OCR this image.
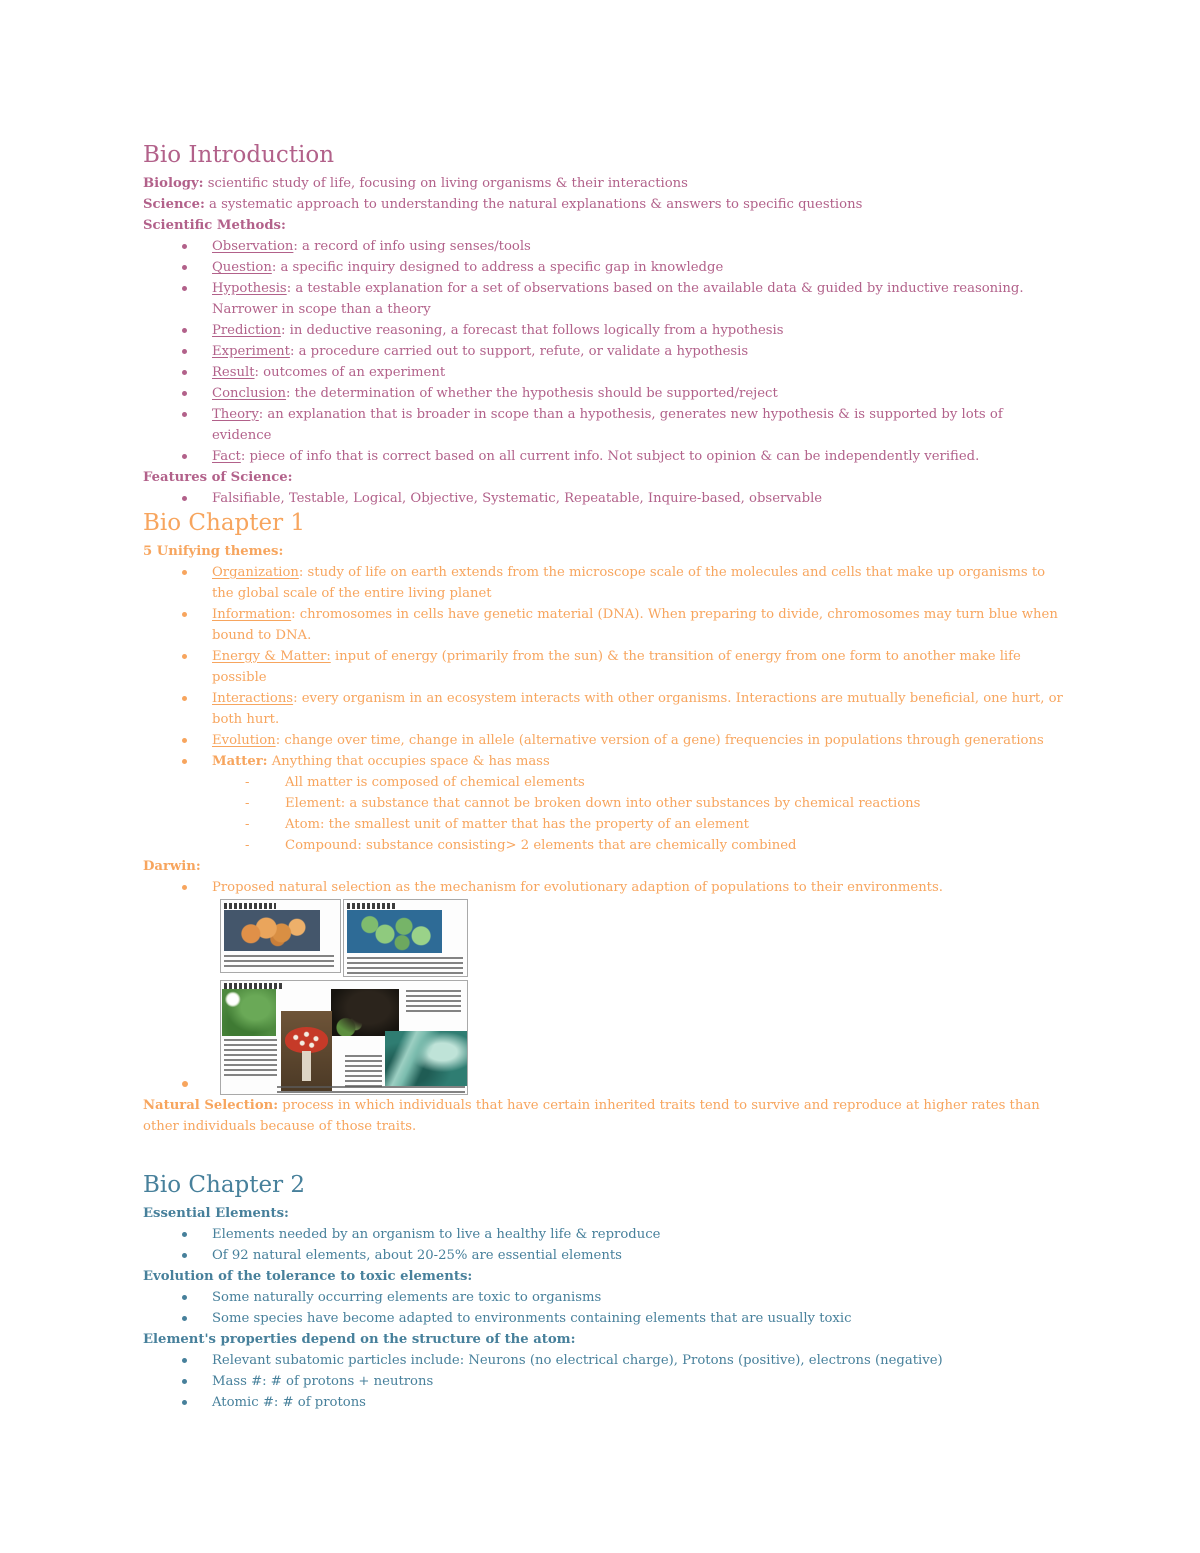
Bio Introduction

Biology: scientific study of life, focusing on living organisms & their interactions

Science: a systematic approach to understanding the natural explanations & answers to specific questions

Scientific Methods:

Observation: a record of info using senses/tools
Question: a specific inquiry designed to address a specific gap in knowledge
Hypothesis: a testable explanation for a set of observations based on the available data & guided by inductive reasoning. Narrower in scope than a theory
Prediction: in deductive reasoning, a forecast that follows logically from a hypothesis
Experiment: a procedure carried out to support, refute, or validate a hypothesis
Result: outcomes of an experiment
Conclusion: the determination of whether the hypothesis should be supported/reject
Theory: an explanation that is broader in scope than a hypothesis, generates new hypothesis & is supported by lots of evidence
Fact: piece of info that is correct based on all current info. Not subject to opinion & can be independently verified.

Features of Science:

Falsifiable, Testable, Logical, Objective, Systematic, Repeatable, Inquire-based, observable
Bio Chapter 1

5 Unifying themes:

Organization: study of life on earth extends from the microscope scale of the molecules and cells that make up organisms to the global scale of the entire living planet
Information: chromosomes in cells have genetic material (DNA). When preparing to divide, chromosomes may turn blue when bound to DNA.
Energy & Matter: input of energy (primarily from the sun) & the transition of energy from one form to another make life possible
Interactions: every organism in an ecosystem interacts with other organisms. Interactions are mutually beneficial, one hurt, or both hurt.
Evolution: change over time, change in allele (alternative version of a gene) frequencies in populations through generations
Matter: Anything that occupies space & has mass
-	All matter is composed of chemical elements
-	Element: a substance that cannot be broken down into other substances by chemical reactions
-	Atom: the smallest unit of matter that has the property of an element
-	Compound: substance consisting> 2 elements that are chemically combined

Darwin:

Proposed natural selection as the mechanism for evolutionary adaption of populations to their environments.

Natural Selection: process in which individuals that have certain inherited traits tend to survive and reproduce at higher rates than other individuals because of those traits.

Bio Chapter 2

Essential Elements:

Elements needed by an organism to live a healthy life & reproduce
Of 92 natural elements, about 20-25% are essential elements

Evolution of the tolerance to toxic elements:

Some naturally occurring elements are toxic to organisms
Some species have become adapted to environments containing elements that are usually toxic

Element's properties depend on the structure of the atom:

Relevant subatomic particles include: Neurons (no electrical charge), Protons (positive), electrons (negative)
Mass #: # of protons + neutrons
Atomic #: # of protons
